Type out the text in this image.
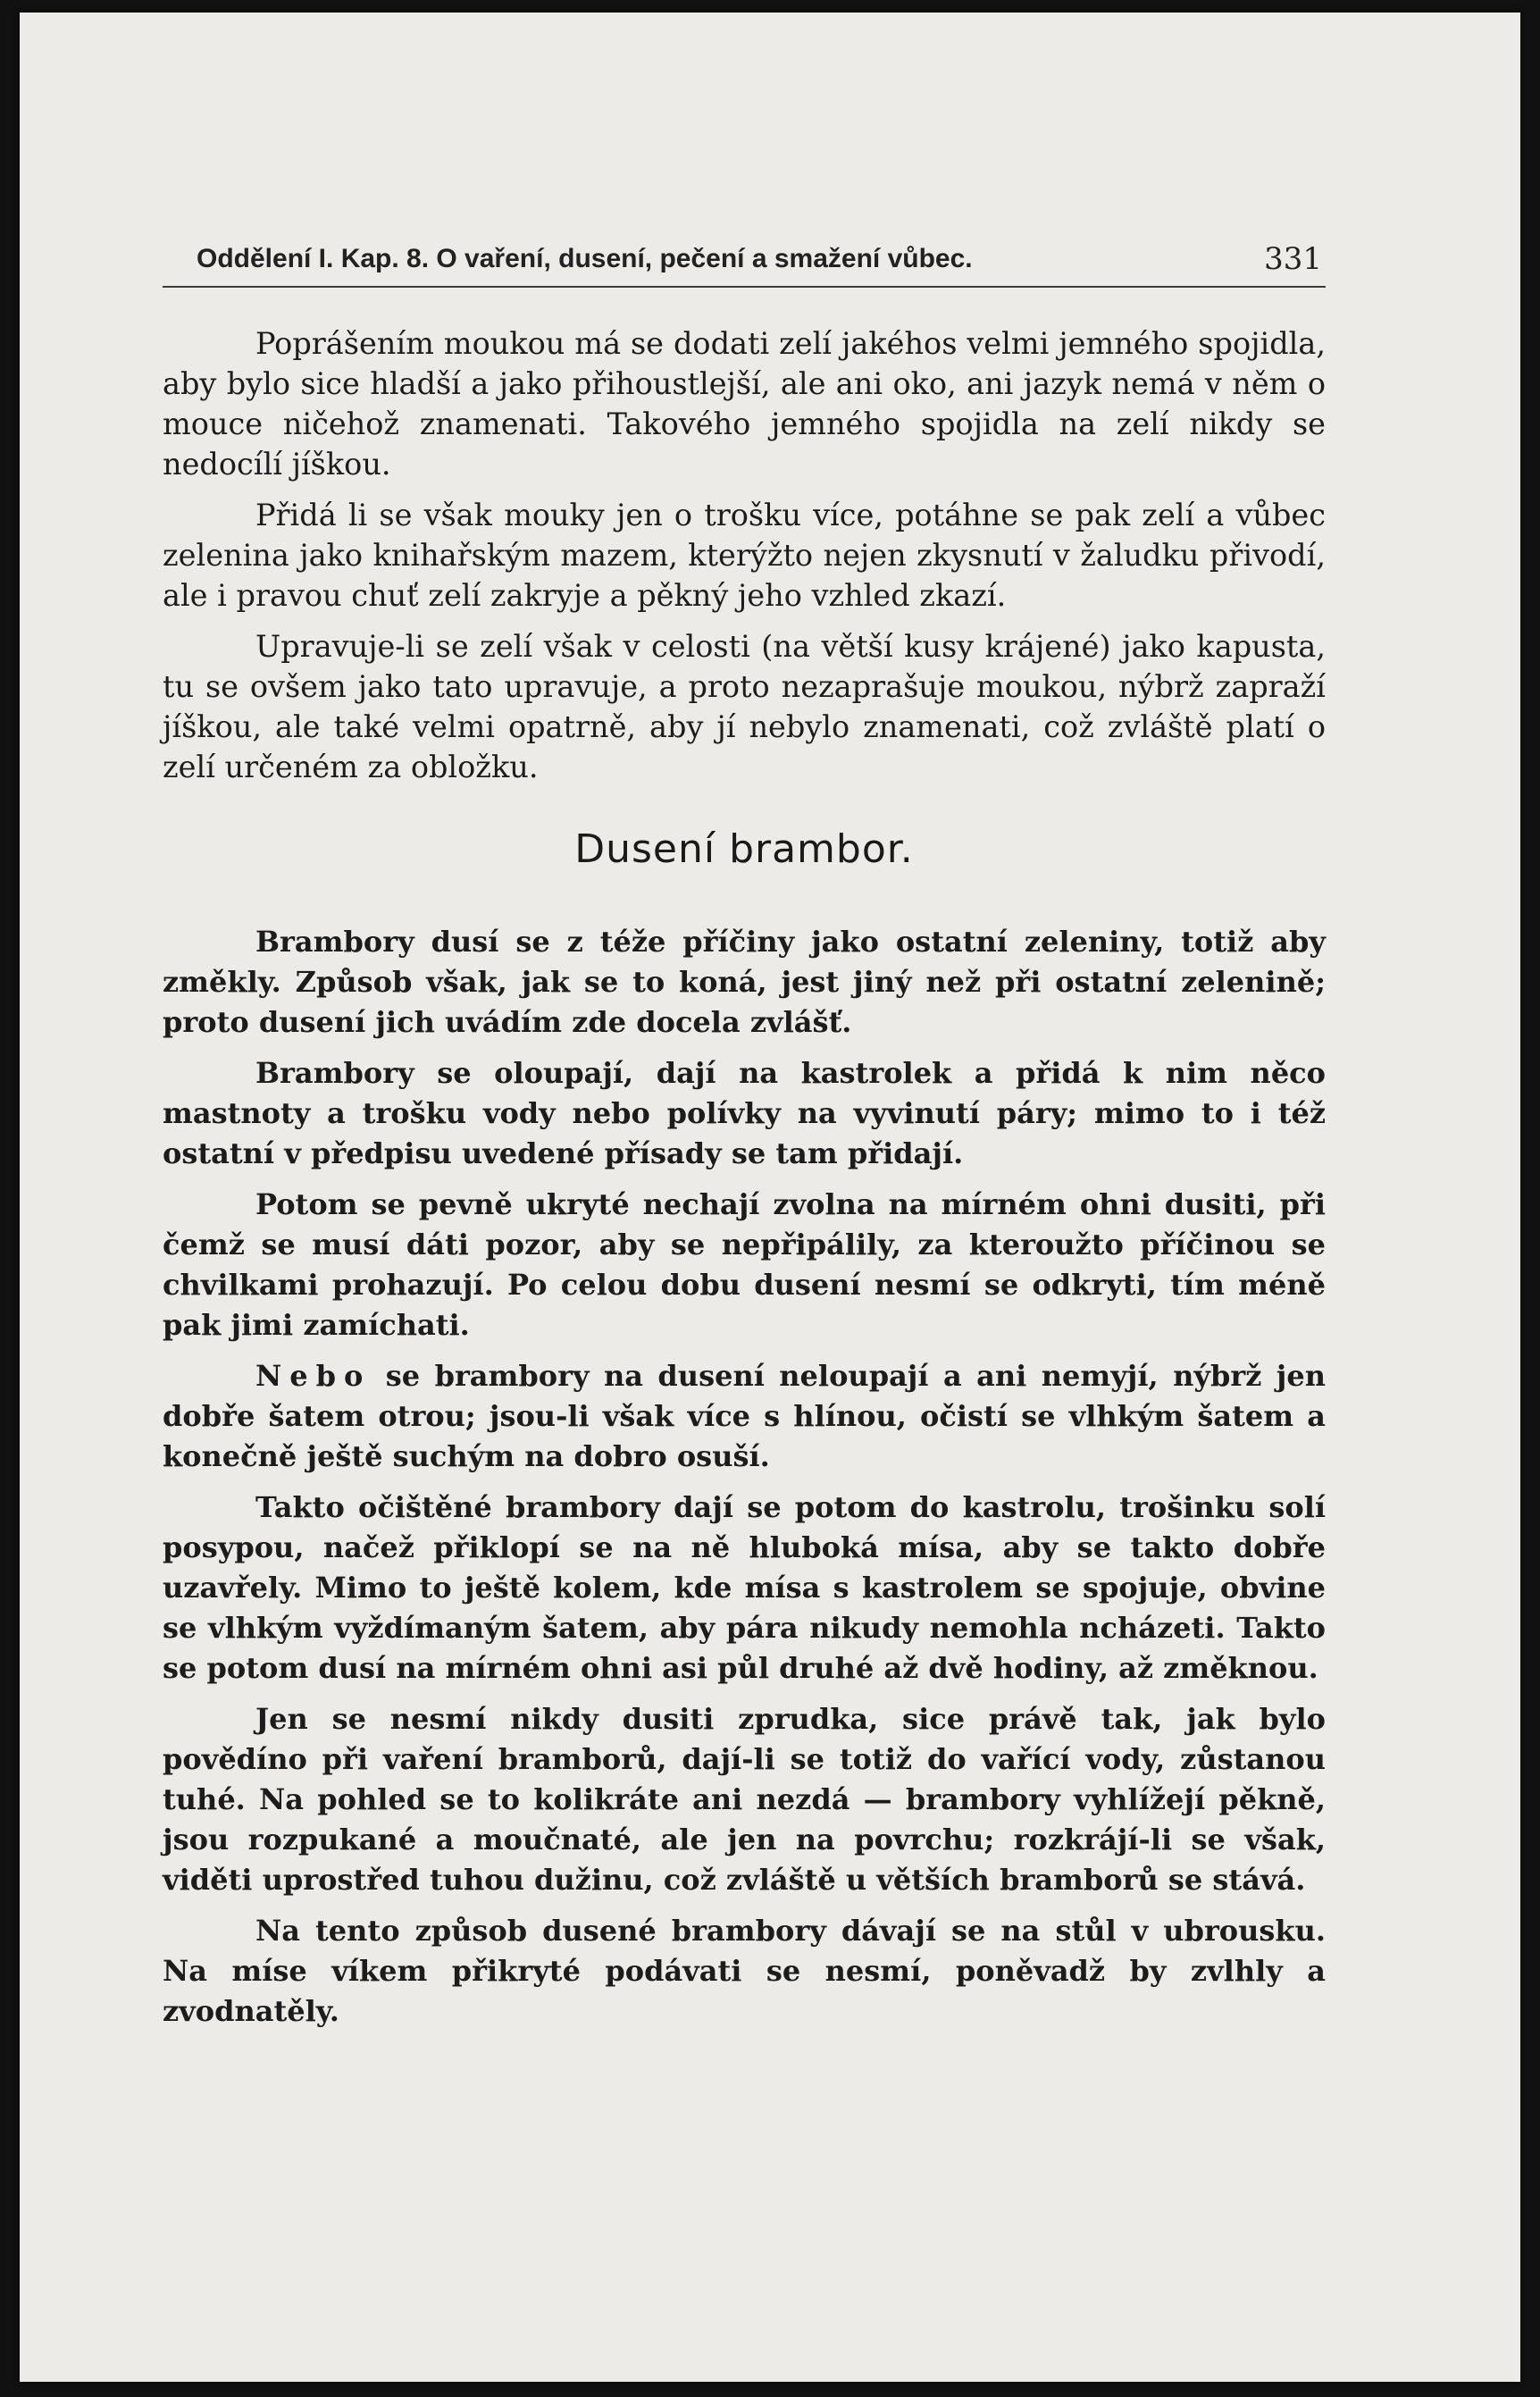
Oddělení I. Kap. 8. O vaření, dusení, pečení a smažení vůbec.	331

Poprášením moukou má se dodati zelí jakéhos velmi jemného spojidla, aby bylo sice hladší a jako přihoustlejší, ale ani oko, ani jazyk nemá v něm o mouce ničehož znamenati. Takového jemného spojidla na zelí nikdy se nedocílí jíškou.

Přidá li se však mouky jen o trošku více, potáhne se pak zelí a vůbec zelenina jako knihařským mazem, kterýžto nejen zkysnutí v žaludku přivodí, ale i pravou chuť zelí zakryje a pěkný jeho vzhled zkazí.

Upravuje-li se zelí však v celosti (na větší kusy krájené) jako kapusta, tu se ovšem jako tato upravuje, a proto nezaprašuje moukou, nýbrž zapraží jíškou, ale také velmi opatrně, aby jí nebylo znamenati, což zvláště platí o zelí určeném za obložku.

Dusení brambor.

Brambory dusí se z téže příčiny jako ostatní zeleniny, totiž aby změkly. Způsob však, jak se to koná, jest jiný než při ostatní zelenině; proto dusení jich uvádím zde docela zvlášť.

Brambory se oloupají, dají na kastrolek a přidá k nim něco mastnoty a trošku vody nebo polívky na vyvinutí páry; mimo to i též ostatní v předpisu uvedené přísady se tam přidají.

Potom se pevně ukryté nechají zvolna na mírném ohni dusiti, při čemž se musí dáti pozor, aby se nepřipálily, za kteroužto příčinou se chvilkami prohazují. Po celou dobu dusení nesmí se odkryti, tím méně pak jimi zamíchati.

Nebo se brambory na dusení neloupají a ani nemyjí, nýbrž jen dobře šatem otrou; jsou-li však více s hlínou, očistí se vlhkým šatem a konečně ještě suchým na dobro osuší.

Takto očištěné brambory dají se potom do kastrolu, trošinku solí posypou, načež přiklopí se na ně hluboká mísa, aby se takto dobře uzavřely. Mimo to ještě kolem, kde mísa s kastrolem se spojuje, obvine se vlhkým vyždímaným šatem, aby pára nikudy nemohla ncházeti. Takto se potom dusí na mírném ohni asi půl druhé až dvě hodiny, až změknou.

Jen se nesmí nikdy dusiti zprudka, sice právě tak, jak bylo povědíno při vaření bramborů, dají-li se totiž do vařící vody, zůstanou tuhé. Na pohled se to kolikráte ani nezdá — brambory vyhlížejí pěkně, jsou rozpukané a moučnaté, ale jen na povrchu; rozkrájí-li se však, viděti uprostřed tuhou dužinu, což zvláště u větších bramborů se stává.

Na tento způsob dusené brambory dávají se na stůl v ubrousku. Na míse víkem přikryté podávati se nesmí, poněvadž by zvlhly a zvodnatěly.
